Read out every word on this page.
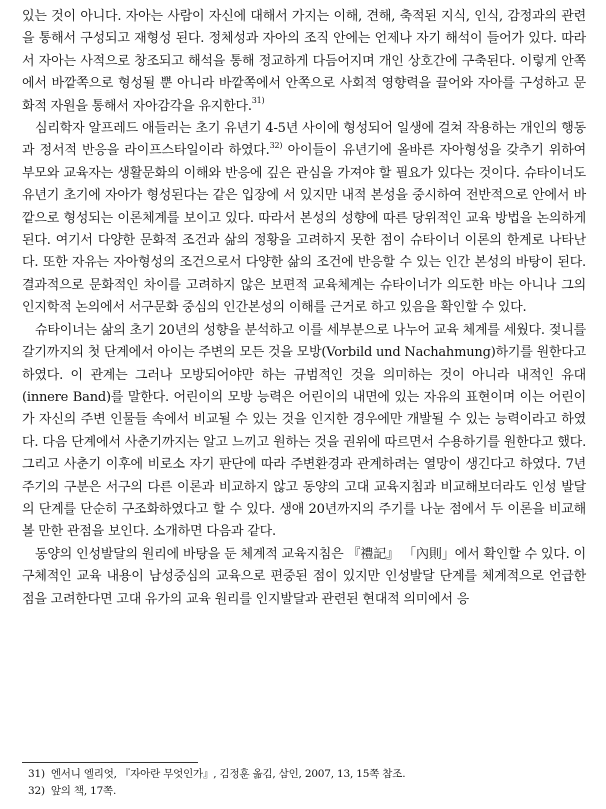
있는 것이 아니다. 자아는 사람이 자신에 대해서 가지는 이해, 견해, 축적된 지식, 인식, 감정과의 관련을 통해서 구성되고 재형성 된다. 정체성과 자아의 조직 안에는 언제나 자기 해석이 들어가 있다. 따라서 자아는 사적으로 창조되고 해석을 통해 정교하게 다듬어지며 개인 상호간에 구축된다. 이렇게 안쪽에서 바깥쪽으로 형성될 뿐 아니라 바깥쪽에서 안쪽으로 사회적 영향력을 끌어와 자아를 구성하고 문화적 자원을 통해서 자아감각을 유지한다.$^{31)}$

심리학자 알프레드 애들러는 초기 유년기 4-5년 사이에 형성되어 일생에 걸쳐 작용하는 개인의 행동과 정서적 반응을 라이프스타일이라 하였다.$^{32)}$ 아이들이 유년기에 올바른 자아형성을 갖추기 위하여 부모와 교육자는 생활문화의 이해와 반응에 깊은 관심을 가져야 할 필요가 있다는 것이다. 슈타이너도 유년기 초기에 자아가 형성된다는 같은 입장에 서 있지만 내적 본성을 중시하여 전반적으로 안에서 바깥으로 형성되는 이론체계를 보이고 있다. 따라서 본성의 성향에 따른 당위적인 교육 방법을 논의하게 된다. 여기서 다양한 문화적 조건과 삶의 정황을 고려하지 못한 점이 슈타이너 이론의 한계로 나타난다. 또한 자유는 자아형성의 조건으로서 다양한 삶의 조건에 반응할 수 있는 인간 본성의 바탕이 된다. 결과적으로 문화적인 차이를 고려하지 않은 보편적 교육체계는 슈타이너가 의도한 바는 아니나 그의 인지학적 논의에서 서구문화 중심의 인간본성의 이해를 근거로 하고 있음을 확인할 수 있다.

슈타이너는 삶의 초기 20년의 성향을 분석하고 이를 세부분으로 나누어 교육 체계를 세웠다. 젖니를 갈기까지의 첫 단계에서 아이는 주변의 모든 것을 모방(Vorbild und Nachahmung)하기를 원한다고 하였다. 이 관계는 그러나 모방되어야만 하는 규범적인 것을 의미하는 것이 아니라 내적인 유대(innere Band)를 말한다. 어린이의 모방 능력은 어린이의 내면에 있는 자유의 표현이며 이는 어린이가 자신의 주변 인물들 속에서 비교될 수 있는 것을 인지한 경우에만 개발될 수 있는 능력이라고 하였다. 다음 단계에서 사춘기까지는 알고 느끼고 원하는 것을 권위에 따르면서 수용하기를 원한다고 했다. 그리고 사춘기 이후에 비로소 자기 판단에 따라 주변환경과 관계하려는 열망이 생긴다고 하였다. 7년 주기의 구분은 서구의 다른 이론과 비교하지 않고 동양의 고대 교육지침과 비교해보더라도 인성 발달의 단계를 단순히 구조화하였다고 할 수 있다. 생애 20년까지의 주기를 나눈 점에서 두 이론을 비교해 볼 만한 관점을 보인다. 소개하면 다음과 같다.

동양의 인성발달의 원리에 바탕을 둔 체계적 교육지침은 『禮記』 「內則」에서 확인할 수 있다. 이 구체적인 교육 내용이 남성중심의 교육으로 편중된 점이 있지만 인성발달 단계를 체계적으로 언급한 점을 고려한다면 고대 유가의 교육 원리를 인지발달과 관련된 현대적 의미에서 응

31) 엔서니 엘리엇, 『자아란 무엇인가』, 김정훈 옮김, 삼인, 2007, 13, 15쪽 참조.
32) 앞의 책, 17쪽.
